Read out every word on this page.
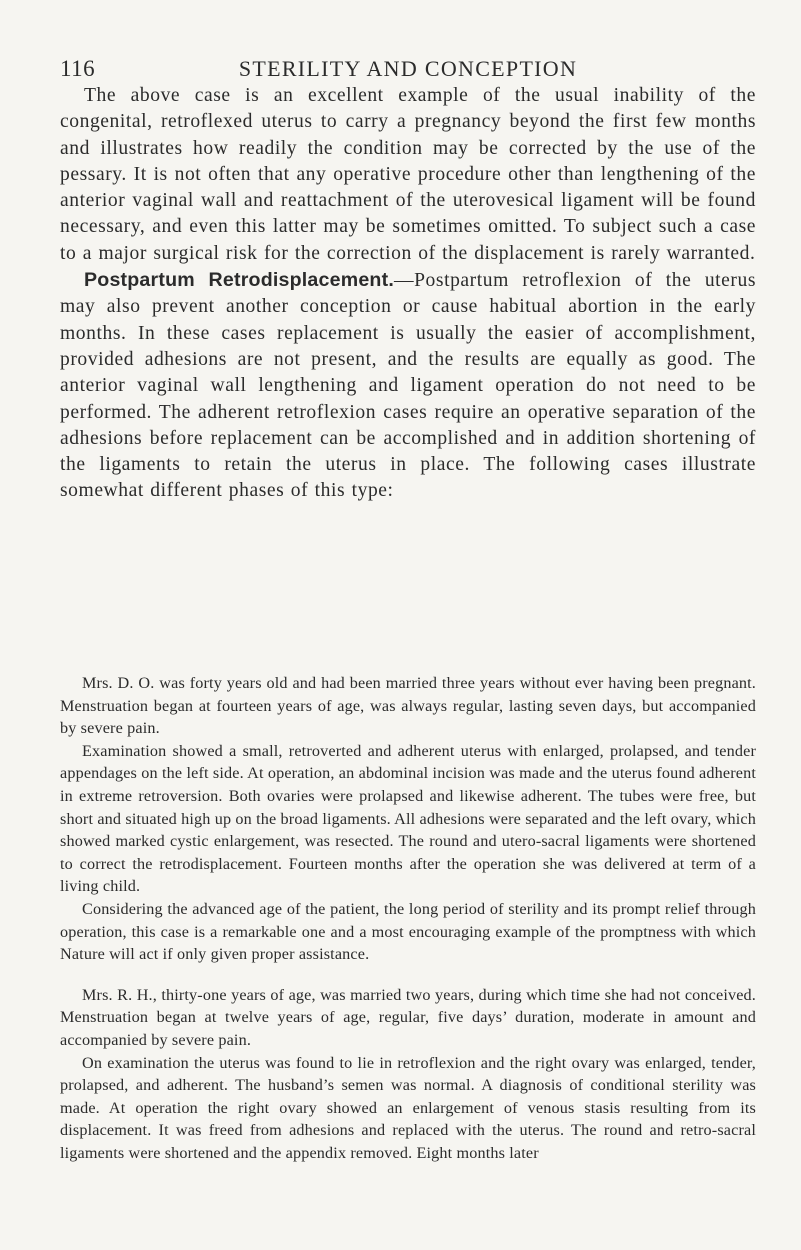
116	STERILITY AND CONCEPTION

The above case is an excellent example of the usual inability of the congenital, retroflexed uterus to carry a pregnancy beyond the first few months and illustrates how readily the condition may be corrected by the use of the pessary. It is not often that any operative procedure other than lengthening of the anterior vaginal wall and reattachment of the uterovesical ligament will be found necessary, and even this latter may be sometimes omitted. To subject such a case to a major surgical risk for the correction of the displacement is rarely warranted.

Postpartum Retrodisplacement.—Postpartum retroflexion of the uterus may also prevent another conception or cause habitual abortion in the early months. In these cases replacement is usually the easier of accomplishment, provided adhesions are not present, and the results are equally as good. The anterior vaginal wall lengthening and ligament operation do not need to be performed. The adherent retroflexion cases require an operative separation of the adhesions before replacement can be accomplished and in addition shortening of the ligaments to retain the uterus in place. The following cases illustrate somewhat different phases of this type:

Mrs. D. O. was forty years old and had been married three years without ever having been pregnant. Menstruation began at fourteen years of age, was always regular, lasting seven days, but accompanied by severe pain.

Examination showed a small, retroverted and adherent uterus with enlarged, prolapsed, and tender appendages on the left side. At operation, an abdominal incision was made and the uterus found adherent in extreme retroversion. Both ovaries were prolapsed and likewise adherent. The tubes were free, but short and situated high up on the broad ligaments. All adhesions were separated and the left ovary, which showed marked cystic enlargement, was resected. The round and utero-sacral ligaments were shortened to correct the retrodisplacement. Fourteen months after the operation she was delivered at term of a living child.

Considering the advanced age of the patient, the long period of sterility and its prompt relief through operation, this case is a remarkable one and a most encouraging example of the promptness with which Nature will act if only given proper assistance.

Mrs. R. H., thirty-one years of age, was married two years, during which time she had not conceived. Menstruation began at twelve years of age, regular, five days’ duration, moderate in amount and accompanied by severe pain.

On examination the uterus was found to lie in retroflexion and the right ovary was enlarged, tender, prolapsed, and adherent. The husband’s semen was normal. A diagnosis of conditional sterility was made. At operation the right ovary showed an enlargement of venous stasis resulting from its displacement. It was freed from adhesions and replaced with the uterus. The round and retro-sacral ligaments were shortened and the appendix removed. Eight months later
